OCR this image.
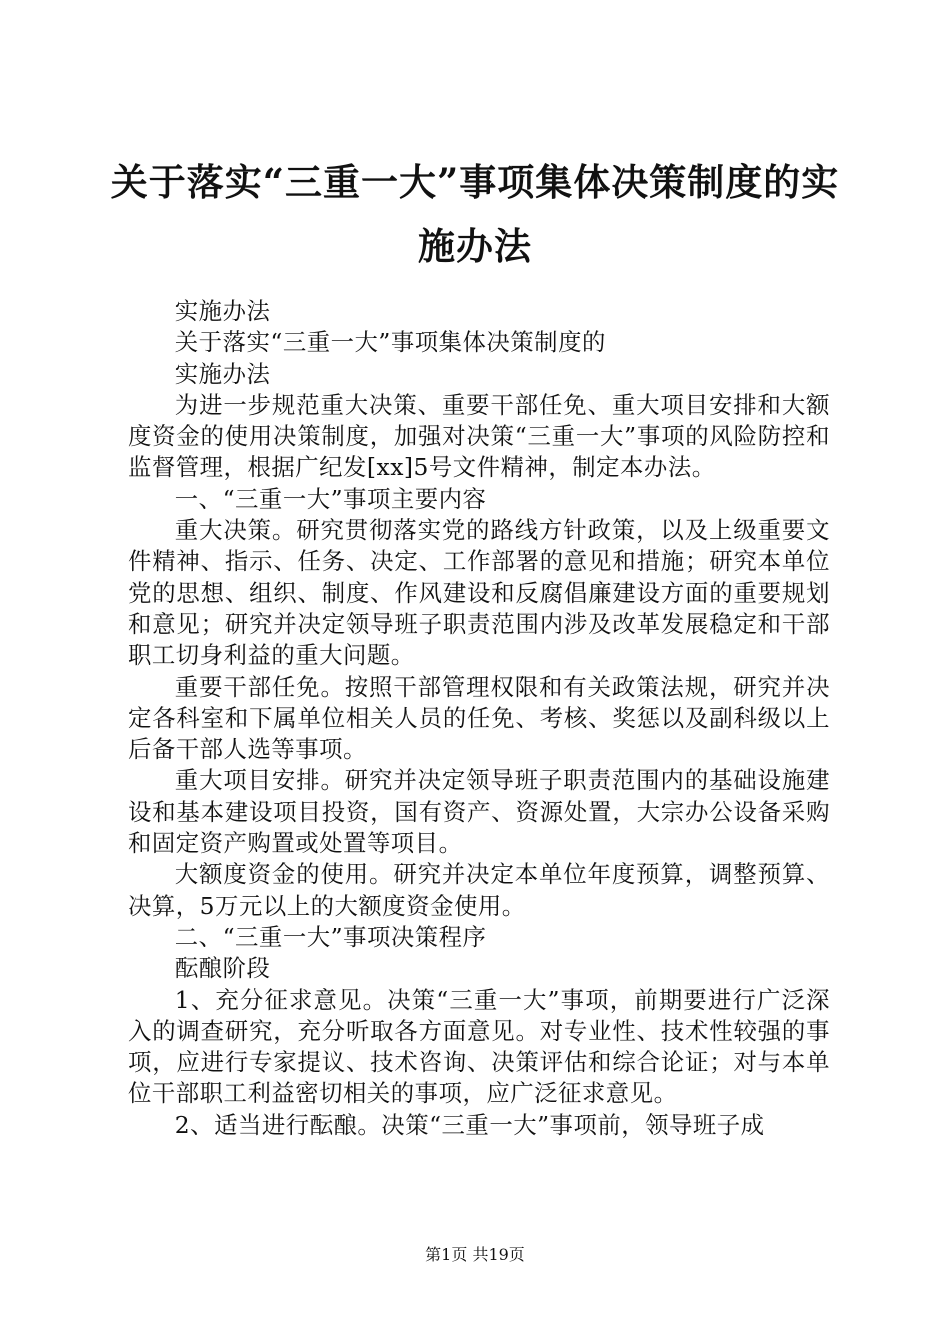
关于落实“三重一大”事项集体决策制度的实
施办法

实施办法

关于落实“三重一大”事项集体决策制度的

实施办法

为进一步规范重大决策、重要干部任免、重大项目安排和大额度资金的使用决策制度，加强对决策“三重一大”事项的风险防控和监督管理，根据广纪发[xx]5号文件精神，制定本办法。

一、“三重一大”事项主要内容

重大决策。研究贯彻落实党的路线方针政策，以及上级重要文件精神、指示、任务、决定、工作部署的意见和措施；研究本单位党的思想、组织、制度、作风建设和反腐倡廉建设方面的重要规划和意见；研究并决定领导班子职责范围内涉及改革发展稳定和干部职工切身利益的重大问题。

重要干部任免。按照干部管理权限和有关政策法规，研究并决定各科室和下属单位相关人员的任免、考核、奖惩以及副科级以上后备干部人选等事项。

重大项目安排。研究并决定领导班子职责范围内的基础设施建设和基本建设项目投资，国有资产、资源处置，大宗办公设备采购和固定资产购置或处置等项目。

大额度资金的使用。研究并决定本单位年度预算，调整预算、决算，5万元以上的大额度资金使用。

二、“三重一大”事项决策程序

酝酿阶段

1、充分征求意见。决策“三重一大”事项，前期要进行广泛深入的调查研究，充分听取各方面意见。对专业性、技术性较强的事项，应进行专家提议、技术咨询、决策评估和综合论证；对与本单位干部职工利益密切相关的事项，应广泛征求意见。

2、适当进行酝酿。决策“三重一大”事项前，领导班子成

第1页 共19页
